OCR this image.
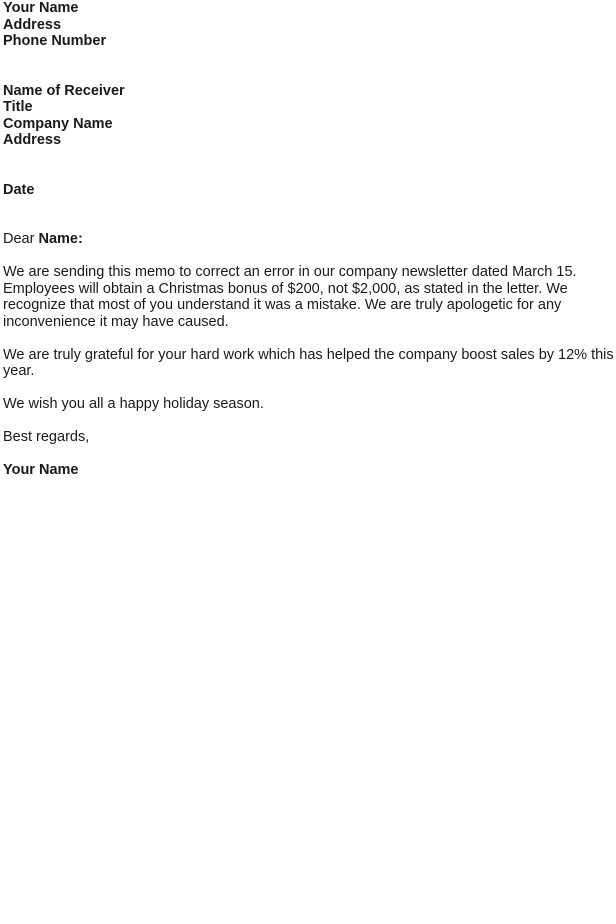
Your Name
Address
Phone Number
Name of Receiver
Title
Company Name
Address
Date
Dear Name:
We are sending this memo to correct an error in our company newsletter dated March 15.
Employees will obtain a Christmas bonus of $200, not $2,000, as stated in the letter. We
recognize that most of you understand it was a mistake. We are truly apologetic for any
inconvenience it may have caused.
We are truly grateful for your hard work which has helped the company boost sales by 12% this
year.
We wish you all a happy holiday season.
Best regards,
Your Name
